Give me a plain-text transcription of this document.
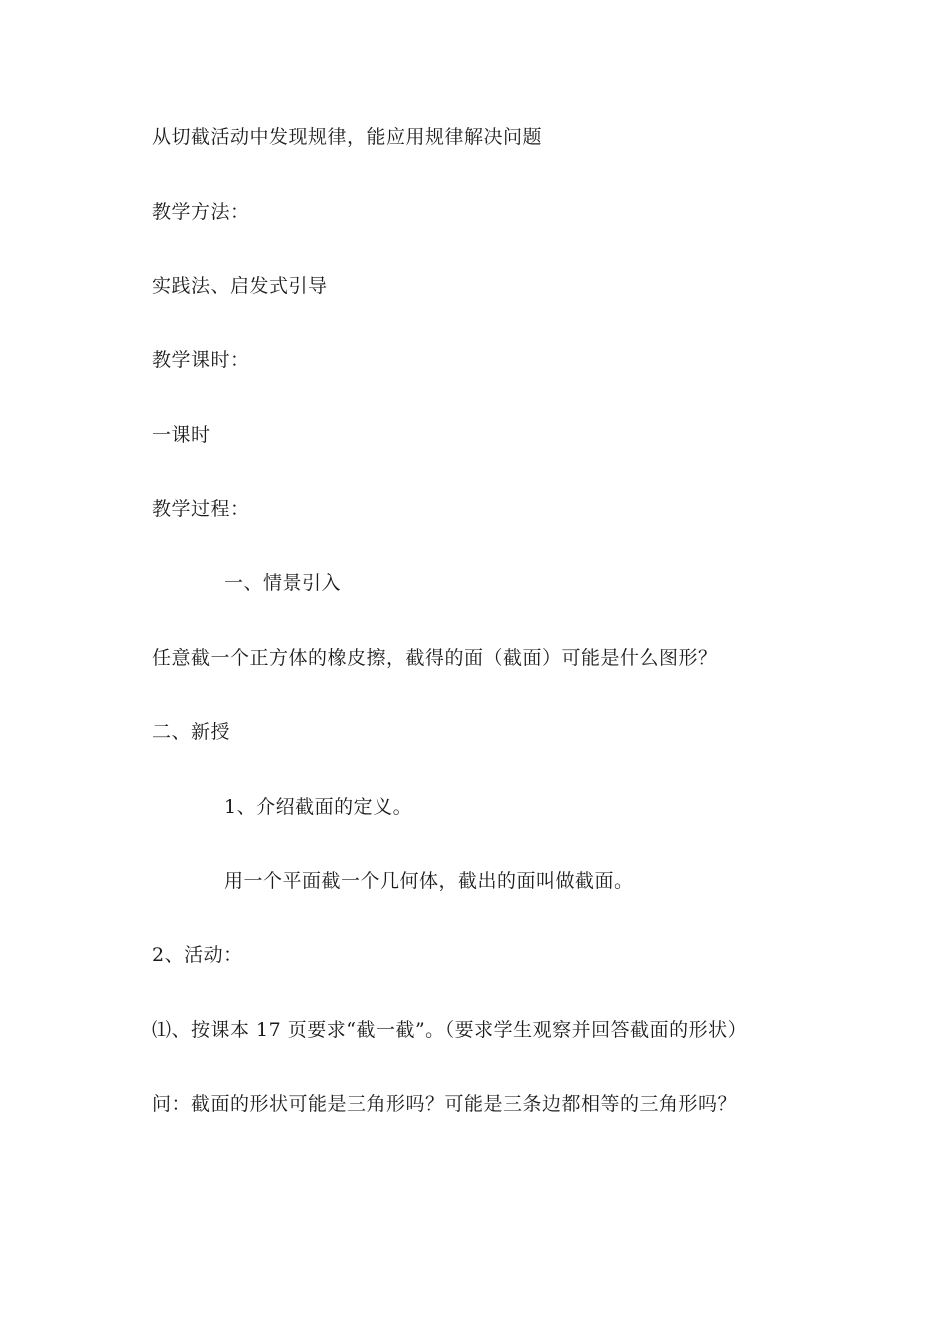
从切截活动中发现规律，能应用规律解决问题
教学方法：
实践法、启发式引导
教学课时：
一课时
教学过程：
一、情景引入
任意截一个正方体的橡皮擦，截得的面（截面）可能是什么图形？
二、新授
1、介绍截面的定义。
用一个平面截一个几何体，截出的面叫做截面。
2、活动：
⑴、按课本 17 页要求“截一截”。（要求学生观察并回答截面的形状）
问：截面的形状可能是三角形吗？可能是三条边都相等的三角形吗？
